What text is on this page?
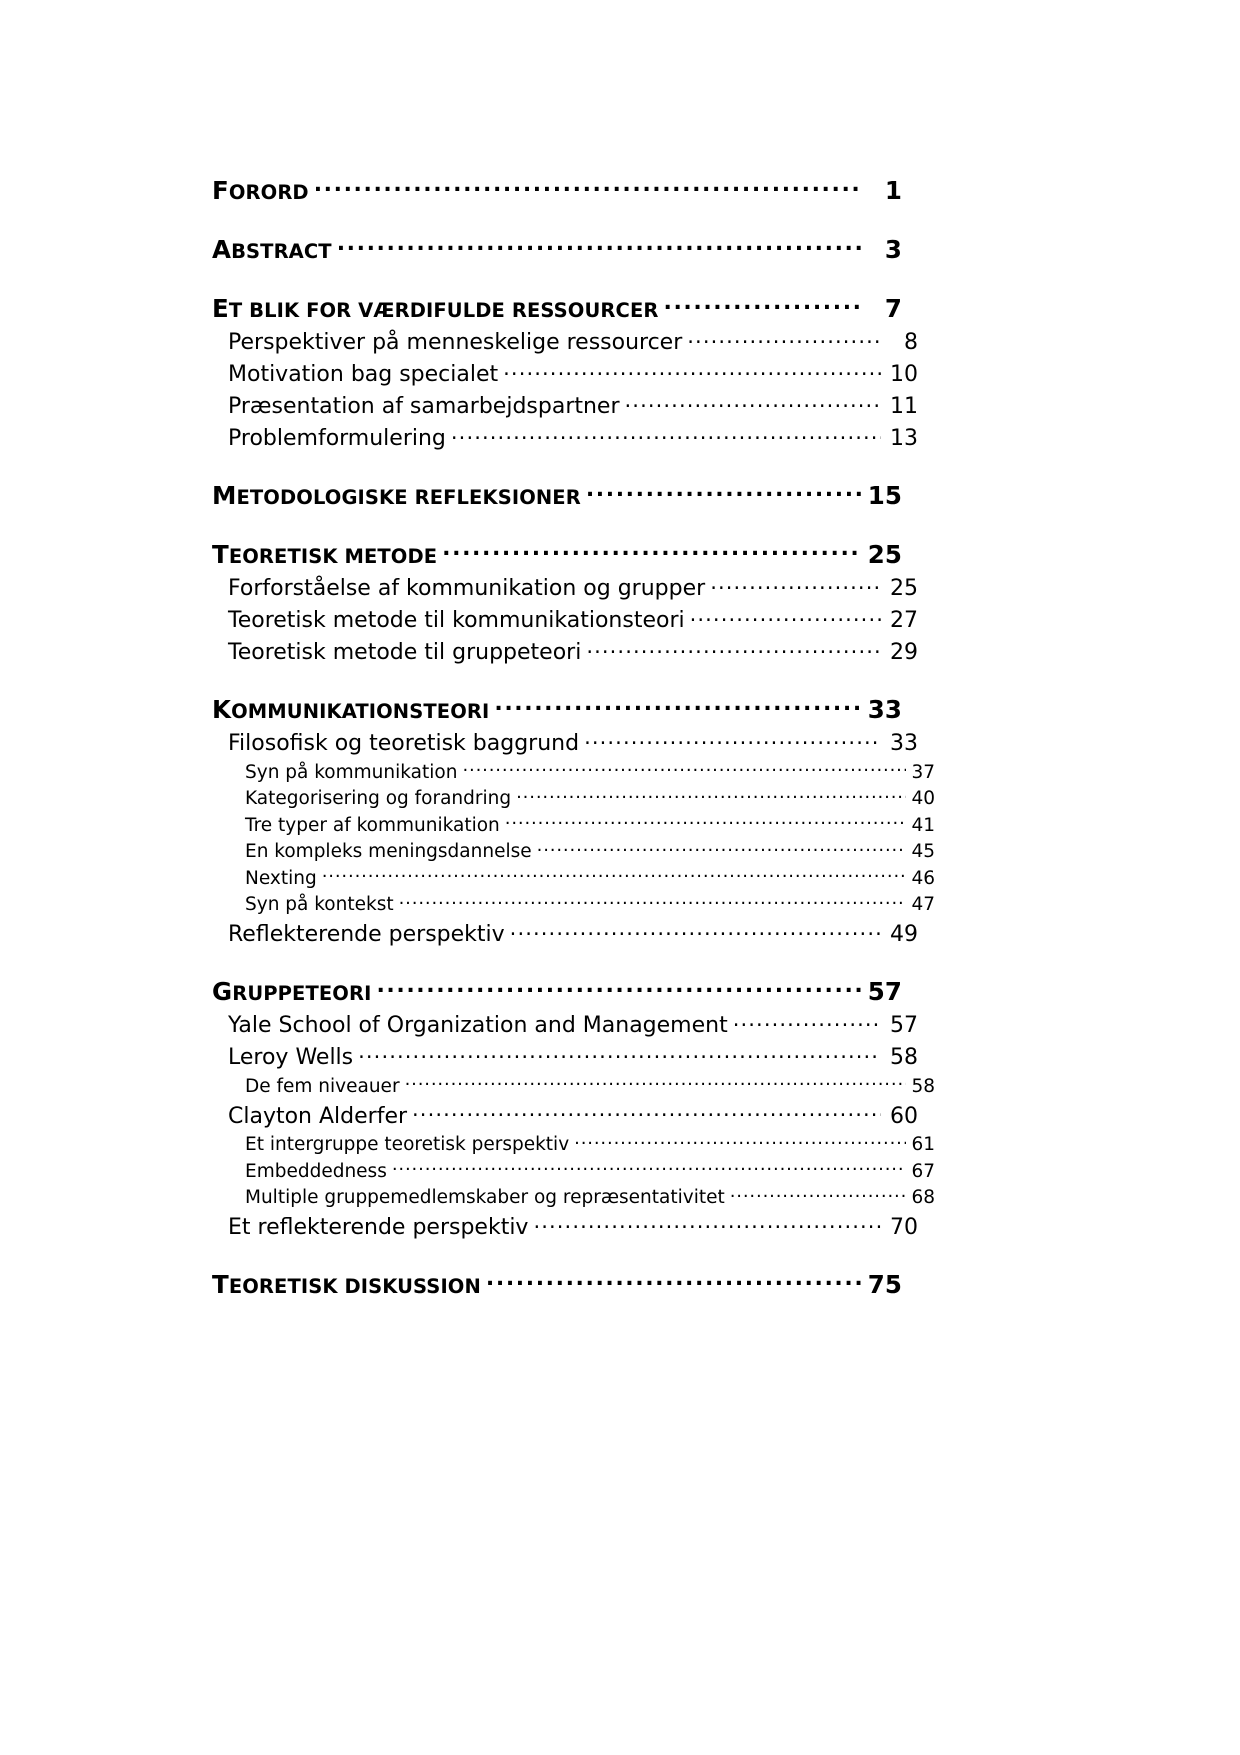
FORORD .....	1
ABSTRACT .....	3
ET BLIK FOR VÆRDIFULDE RESSOURCER .....	7
Perspektiver på menneskelige ressourcer .....	8
Motivation bag specialet .....	10
Præsentation af samarbejdspartner .....	11
Problemformulering .....	13
METODOLOGISKE REFLEKSIONER .....	15
TEORETISK METODE .....	25
Forforståelse af kommunikation og grupper .....	25
Teoretisk metode til kommunikationsteori .....	27
Teoretisk metode til gruppeteori .....	29
KOMMUNIKATIONSTEORI .....	33
Filosofisk og teoretisk baggrund .....	33
Syn på kommunikation .....	37
Kategorisering og forandring .....	40
Tre typer af kommunikation .....	41
En kompleks meningsdannelse .....	45
Nexting .....	46
Syn på kontekst .....	47
Reflekterende perspektiv .....	49
GRUPPETEORI .....	57
Yale School of Organization and Management .....	57
Leroy Wells .....	58
De fem niveauer .....	58
Clayton Alderfer .....	60
Et intergruppe teoretisk perspektiv .....	61
Embeddedness .....	67
Multiple gruppemedlemskaber og repræsentativitet .....	68
Et reflekterende perspektiv .....	70
TEORETISK DISKUSSION .....	75
